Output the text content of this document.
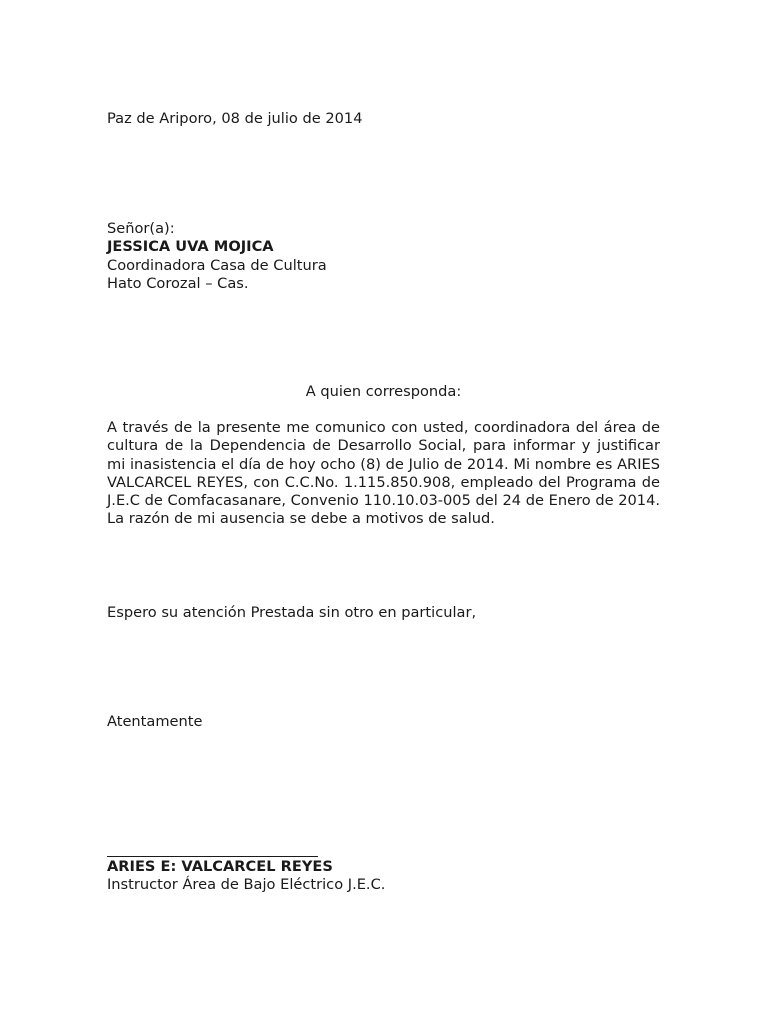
Paz de Ariporo, 08 de julio de 2014
Señor(a):
JESSICA UVA MOJICA
Coordinadora Casa de Cultura
Hato Corozal – Cas.
A quien corresponda:
A través de la presente me comunico con usted, coordinadora del área de cultura de la Dependencia de Desarrollo Social, para informar y justificar mi inasistencia el día de hoy ocho (8) de Julio de 2014. Mi nombre es ARIES VALCARCEL REYES, con C.C.No. 1.115.850.908, empleado del Programa de J.E.C de Comfacasanare, Convenio 110.10.03-005 del 24 de Enero de 2014. La razón de mi ausencia se debe a motivos de salud.
Espero su atención Prestada sin otro en particular,
Atentamente
ARIES E: VALCARCEL REYES
Instructor Área de Bajo Eléctrico J.E.C.
